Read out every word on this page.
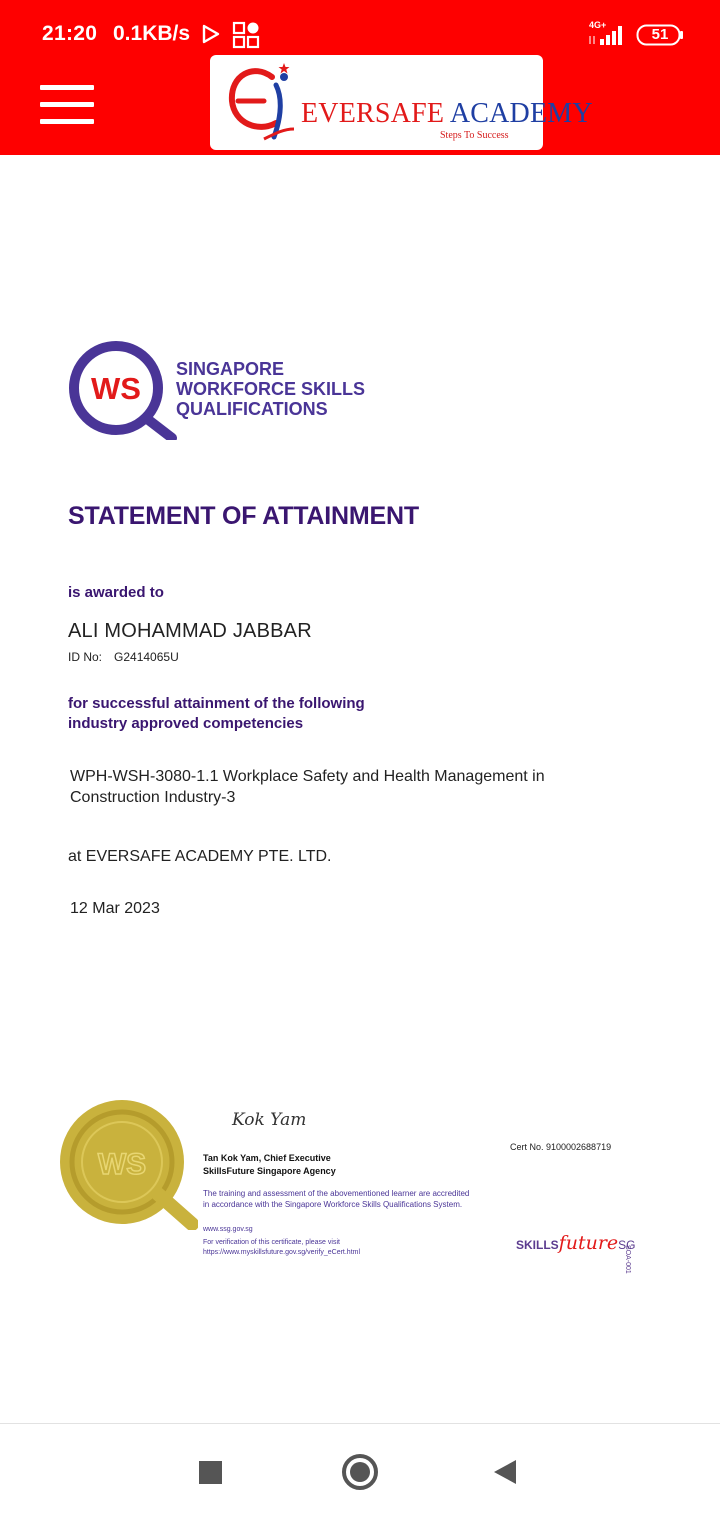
21:20 0.1KB/s	4G+
51
EVERSAFE ACADEMY
Steps To Success
WS
SINGAPORE
WORKFORCE SKILLS
QUALIFICATIONS
STATEMENT OF ATTAINMENT
is awarded to
ALI MOHAMMAD JABBAR
ID No: G2414065U
for successful attainment of the following
industry approved competencies
WPH-WSH-3080-1.1 Workplace Safety and Health Management in
Construction Industry-3
at EVERSAFE ACADEMY PTE. LTD.
12 Mar 2023
WS
Kok Yam
Tan Kok Yam, Chief Executive
SkillsFuture Singapore Agency
Cert No. 9100002688719
The training and assessment of the abovementioned learner are accredited
in accordance with the Singapore Workforce Skills Qualifications System.
www.ssg.gov.sg
For verification of this certificate, please visit
https://www.myskillsfuture.gov.sg/verify_eCert.html
SKILLSfutureSG
SOA-001
